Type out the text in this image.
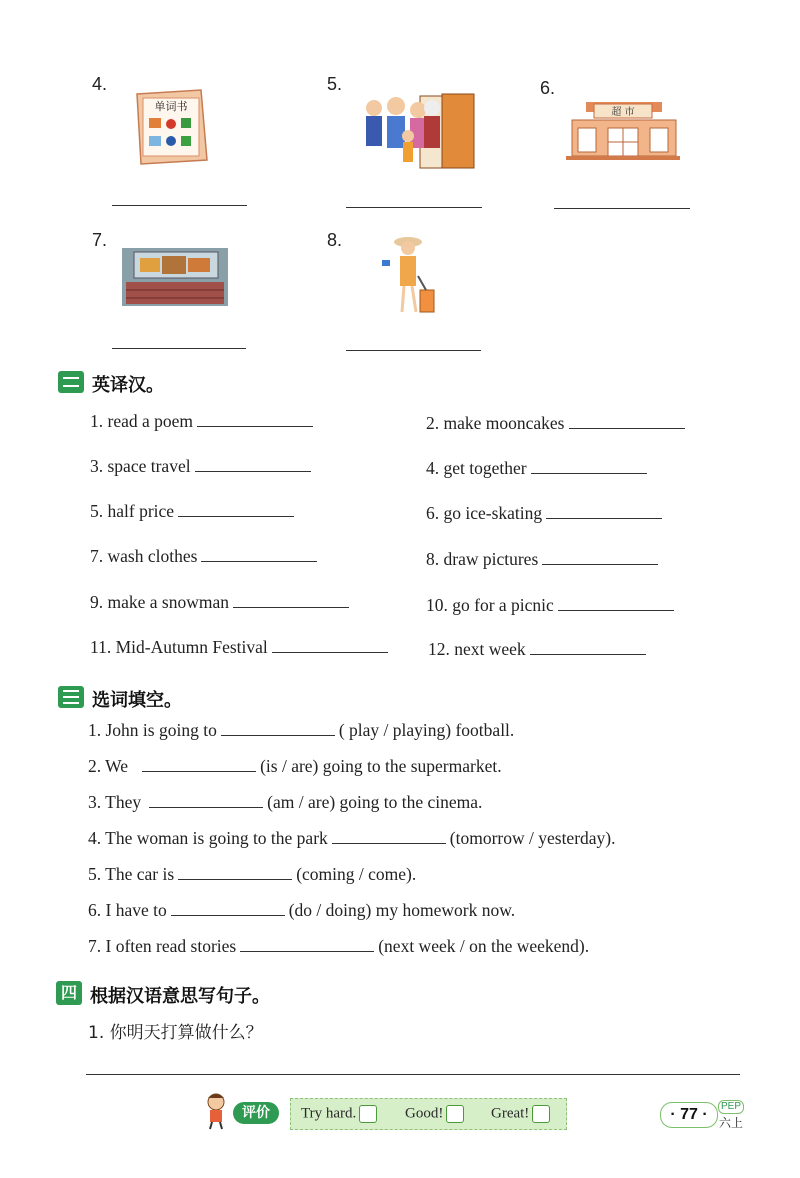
4.
单词书
5.	6.
超 市
7.	8.
英译汉。
1. read a poem	2. make mooncakes
3. space travel	4. get together
5. half price	6. go ice-skating
7. wash clothes	8. draw pictures
9. make a snowman	10. go for a picnic
11. Mid-Autumn Festival	12. next week
选词填空。
1. John is going to	( play / playing) football.
2. We	(is / are) going to the supermarket.
3. They	(am / are) going to the cinema.
4. The woman is going to the park	(tomorrow / yesterday).
5. The car is	(coming / come).
6. I have to	(do / doing) my homework now.
7. I often read stories	(next week / on the weekend).
四 根据汉语意思写句子。
1. 你明天打算做什么？
评价	Try hard.	Good!	Great!	· 77 ·	PEP
六上
